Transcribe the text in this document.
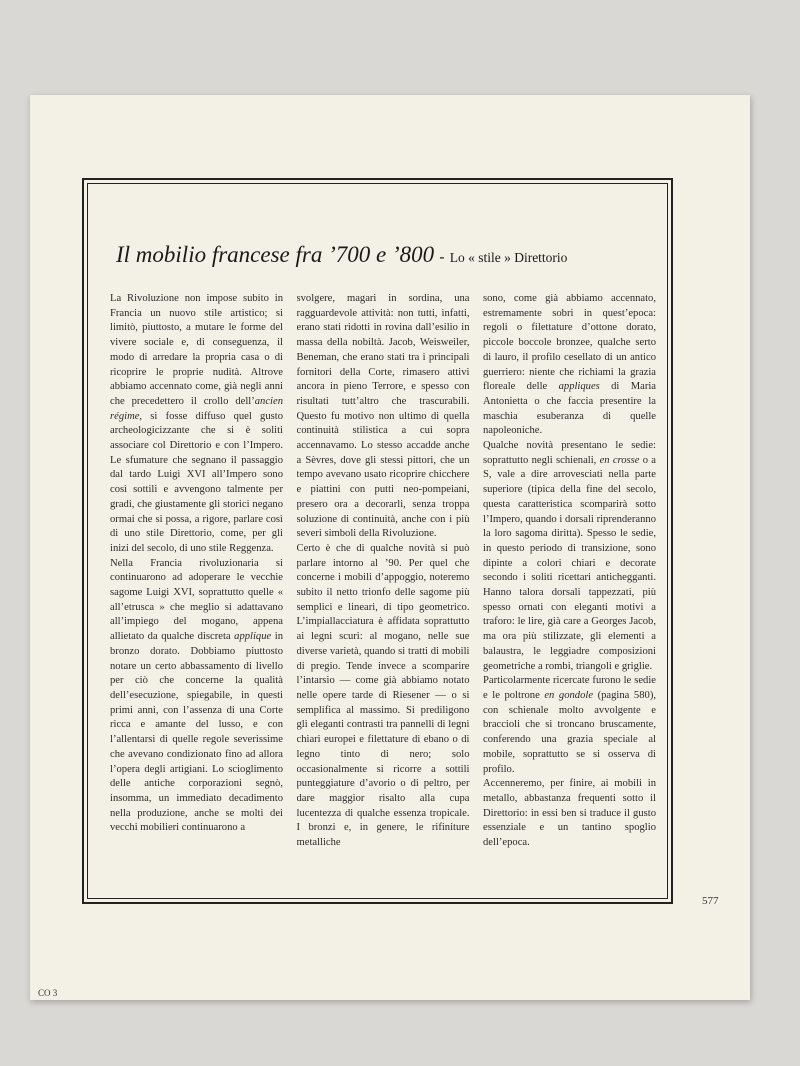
Il mobilio francese fra ’700 e ’800 - Lo « stile » Direttorio

La Rivoluzione non impose subito in Francia un nuovo stile artistico; si limitò, piuttosto, a mutare le forme del vivere sociale e, di conseguenza, il modo di arredare la propria casa o di ricoprire le proprie nudità. Altrove abbiamo accennato come, già negli anni che precedettero il crollo dell’ancien régime, si fosse diffuso quel gusto archeologicizzante che si è soliti associare col Direttorio e con l’Impero. Le sfumature che segnano il passaggio dal tardo Luigi XVI all’Impero sono così sottili e avvengono talmente per gradi, che giustamente gli storici negano ormai che si possa, a rigore, parlare così di uno stile Direttorio, come, per gli inizi del secolo, di uno stile Reggenza.

Nella Francia rivoluzionaria si continuarono ad adoperare le vecchie sagome Luigi XVI, soprattutto quelle « all’etrusca » che meglio si adattavano all’impiego del mogano, appena allietato da qualche discreta applique in bronzo dorato. Dobbiamo piuttosto notare un certo abbassamento di livello per ciò che concerne la qualità dell’esecuzione, spiegabile, in questi primi anni, con l’assenza di una Corte ricca e amante del lusso, e con l’allentarsi di quelle regole severissime che avevano condizionato fino ad allora l’opera degli artigiani. Lo scioglimento delle antiche corporazioni segnò, insomma, un immediato decadimento nella produzione, anche se molti dei vecchi mobilieri continuarono a

svolgere, magari in sordina, una ragguardevole attività: non tutti, infatti, erano stati ridotti in rovina dall’esilio in massa della nobiltà. Jacob, Weisweiler, Beneman, che erano stati tra i principali fornitori della Corte, rimasero attivi ancora in pieno Terrore, e spesso con risultati tutt’altro che trascurabili. Questo fu motivo non ultimo di quella continuità stilistica a cui sopra accennavamo. Lo stesso accadde anche a Sèvres, dove gli stessi pittori, che un tempo avevano usato ricoprire chicchere e piattini con putti neo-pompeiani, presero ora a decorarli, senza troppa soluzione di continuità, anche con i più severi simboli della Rivoluzione.

Certo è che di qualche novità si può parlare intorno al ’90. Per quel che concerne i mobili d’appoggio, noteremo subito il netto trionfo delle sagome più semplici e lineari, di tipo geometrico. L’impiallacciatura è affidata soprattutto ai legni scuri: al mogano, nelle sue diverse varietà, quando si tratti di mobili di pregio. Tende invece a scomparire l’intarsio — come già abbiamo notato nelle opere tarde di Riesener — o si semplifica al massimo. Si prediligono gli eleganti contrasti tra pannelli di legni chiari europei e filettature di ebano o di legno tinto di nero; solo occasionalmente si ricorre a sottili punteggiature d’avorio o di peltro, per dare maggior risalto alla cupa lucentezza di qualche essenza tropicale. I bronzi e, in genere, le rifiniture metalliche

sono, come già abbiamo accennato, estremamente sobri in quest’epoca: regoli o filettature d’ottone dorato, piccole boccole bronzee, qualche serto di lauro, il profilo cesellato di un antico guerriero: niente che richiami la grazia floreale delle appliques di Maria Antonietta o che faccia presentire la maschia esuberanza di quelle napoleoniche.

Qualche novità presentano le sedie: soprattutto negli schienali, en crosse o a S, vale a dire arrovesciati nella parte superiore (tipica della fine del secolo, questa caratteristica scomparirà sotto l’Impero, quando i dorsali riprenderanno la loro sagoma diritta). Spesso le sedie, in questo periodo di transizione, sono dipinte a colori chiari e decorate secondo i soliti ricettari antichegganti. Hanno talora dorsali tappezzati, più spesso ornati con eleganti motivi a traforo: le lire, già care a Georges Jacob, ma ora più stilizzate, gli elementi a balaustra, le leggiadre composizioni geometriche a rombi, triangoli e griglie.

Particolarmente ricercate furono le sedie e le poltrone en gondole (pagina 580), con schienale molto avvolgente e braccioli che si troncano bruscamente, conferendo una grazia speciale al mobile, soprattutto se si osserva di profilo.

Accenneremo, per finire, ai mobili in metallo, abbastanza frequenti sotto il Direttorio: in essi ben si traduce il gusto essenziale e un tantino spoglio dell’epoca.

577
CO 3
